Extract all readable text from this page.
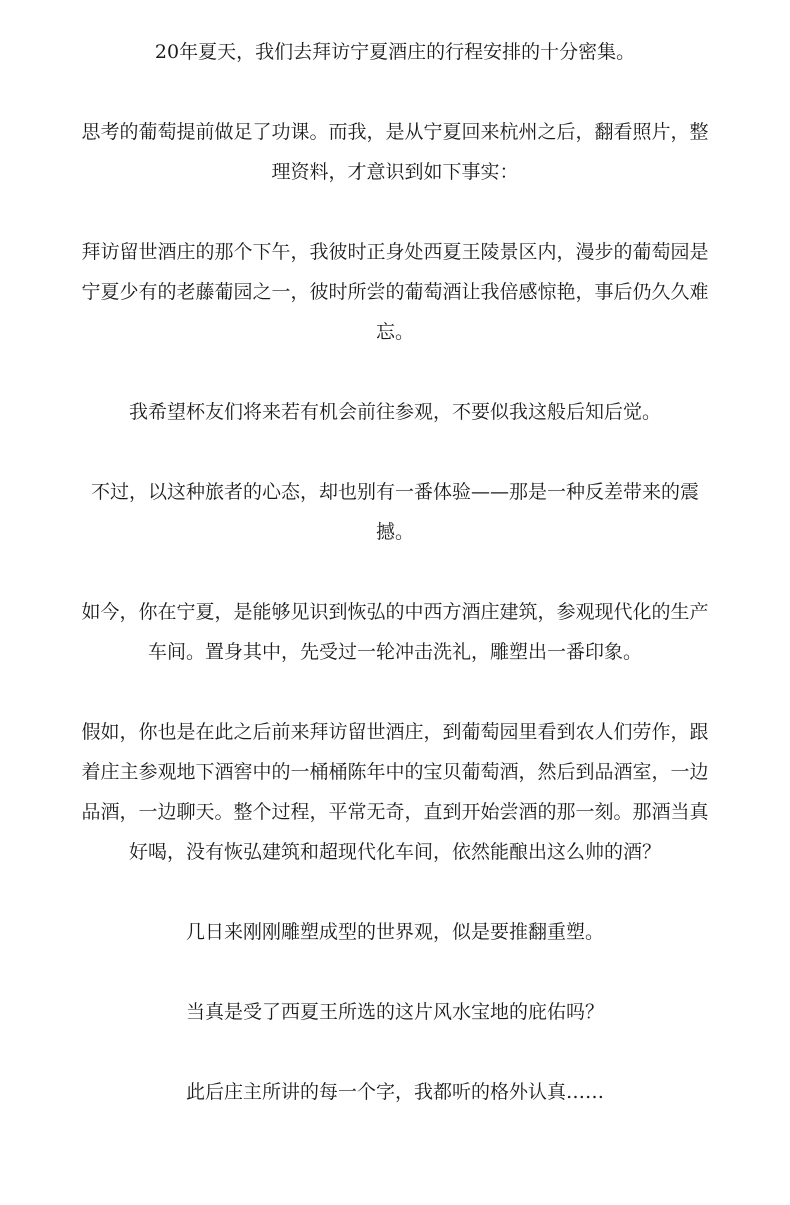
20年夏天，我们去拜访宁夏酒庄的行程安排的十分密集。

思考的葡萄提前做足了功课。而我，是从宁夏回来杭州之后，翻看照片，整理资料，才意识到如下事实：

拜访留世酒庄的那个下午，我彼时正身处西夏王陵景区内，漫步的葡萄园是宁夏少有的老藤葡园之一，彼时所尝的葡萄酒让我倍感惊艳，事后仍久久难忘。

我希望杯友们将来若有机会前往参观，不要似我这般后知后觉。

不过，以这种旅者的心态，却也别有一番体验——那是一种反差带来的震撼。

如今，你在宁夏，是能够见识到恢弘的中西方酒庄建筑，参观现代化的生产车间。置身其中，先受过一轮冲击洗礼，雕塑出一番印象。

假如，你也是在此之后前来拜访留世酒庄，到葡萄园里看到农人们劳作，跟着庄主参观地下酒窖中的一桶桶陈年中的宝贝葡萄酒，然后到品酒室，一边品酒，一边聊天。整个过程，平常无奇，直到开始尝酒的那一刻。那酒当真好喝，没有恢弘建筑和超现代化车间，依然能酿出这么帅的酒？

几日来刚刚雕塑成型的世界观，似是要推翻重塑。

当真是受了西夏王所选的这片风水宝地的庇佑吗？

此后庄主所讲的每一个字，我都听的格外认真……
